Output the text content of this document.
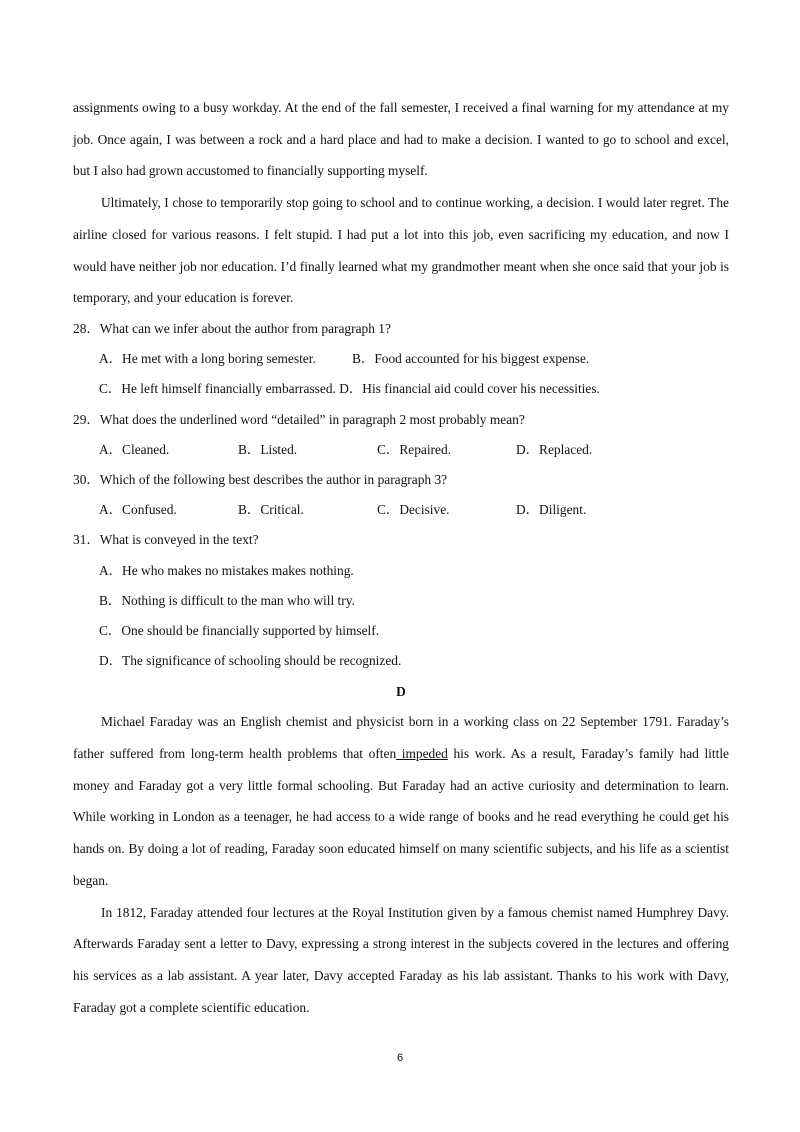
assignments owing to a busy workday. At the end of the fall semester, I received a final warning for my attendance at my job. Once again, I was between a rock and a hard place and had to make a decision. I wanted to go to school and excel, but I also had grown accustomed to financially supporting myself.

Ultimately, I chose to temporarily stop going to school and to continue working, a decision. I would later regret. The airline closed for various reasons. I felt stupid. I had put a lot into this job, even sacrificing my education, and now I would have neither job nor education. I’d finally learned what my grandmother meant when she once said that your job is temporary, and your education is forever.

28．What can we infer about the author from paragraph 1?

A．He met with a long boring semester.	B．Food accounted for his biggest expense.
C．He left himself financially embarrassed. D．His financial aid could cover his necessities.

29．What does the underlined word “detailed” in paragraph 2 most probably mean?

A．Cleaned.	B．Listed.	C．Repaired.	D．Replaced.

30．Which of the following best describes the author in paragraph 3?

A．Confused.	B．Critical.	C．Decisive.	D．Diligent.

31．What is conveyed in the text?

A．He who makes no mistakes makes nothing.
B．Nothing is difficult to the man who will try.
C．One should be financially supported by himself.
D．The significance of schooling should be recognized.

D

Michael Faraday was an English chemist and physicist born in a working class on 22 September 1791. Faraday’s father suffered from long-term health problems that often impeded his work. As a result, Faraday’s family had little money and Faraday got a very little formal schooling. But Faraday had an active curiosity and determination to learn. While working in London as a teenager, he had access to a wide range of books and he read everything he could get his hands on. By doing a lot of reading, Faraday soon educated himself on many scientific subjects, and his life as a scientist began.

In 1812, Faraday attended four lectures at the Royal Institution given by a famous chemist named Humphrey Davy. Afterwards Faraday sent a letter to Davy, expressing a strong interest in the subjects covered in the lectures and offering his services as a lab assistant. A year later, Davy accepted Faraday as his lab assistant. Thanks to his work with Davy, Faraday got a complete scientific education.

6
